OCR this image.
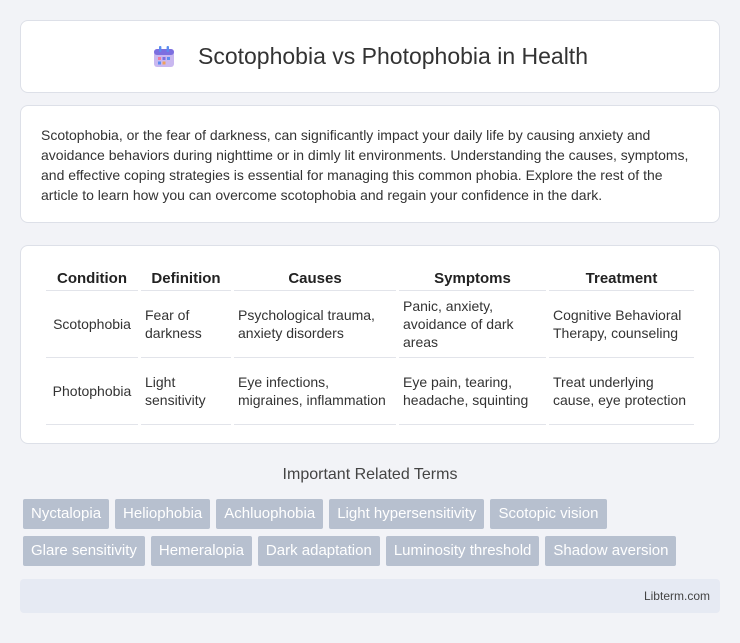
Scotophobia vs Photophobia in Health

Scotophobia, or the fear of darkness, can significantly impact your daily life by causing anxiety and avoidance behaviors during nighttime or in dimly lit environments. Understanding the causes, symptoms, and effective coping strategies is essential for managing this common phobia. Explore the rest of the article to learn how you can overcome scotophobia and regain your confidence in the dark.

Condition	Definition	Causes	Symptoms	Treatment
Scotophobia	Fear of darkness	Psychological trauma, anxiety disorders	Panic, anxiety, avoidance of dark areas	Cognitive Behavioral Therapy, counseling
Photophobia	Light sensitivity	Eye infections, migraines, inflammation	Eye pain, tearing, headache, squinting	Treat underlying cause, eye protection
Important Related Terms
Nyctalopia	Heliophobia	Achluophobia	Light hypersensitivity	Scotopic vision
Glare sensitivity	Hemeralopia	Dark adaptation	Luminosity threshold	Shadow aversion
Libterm.com
